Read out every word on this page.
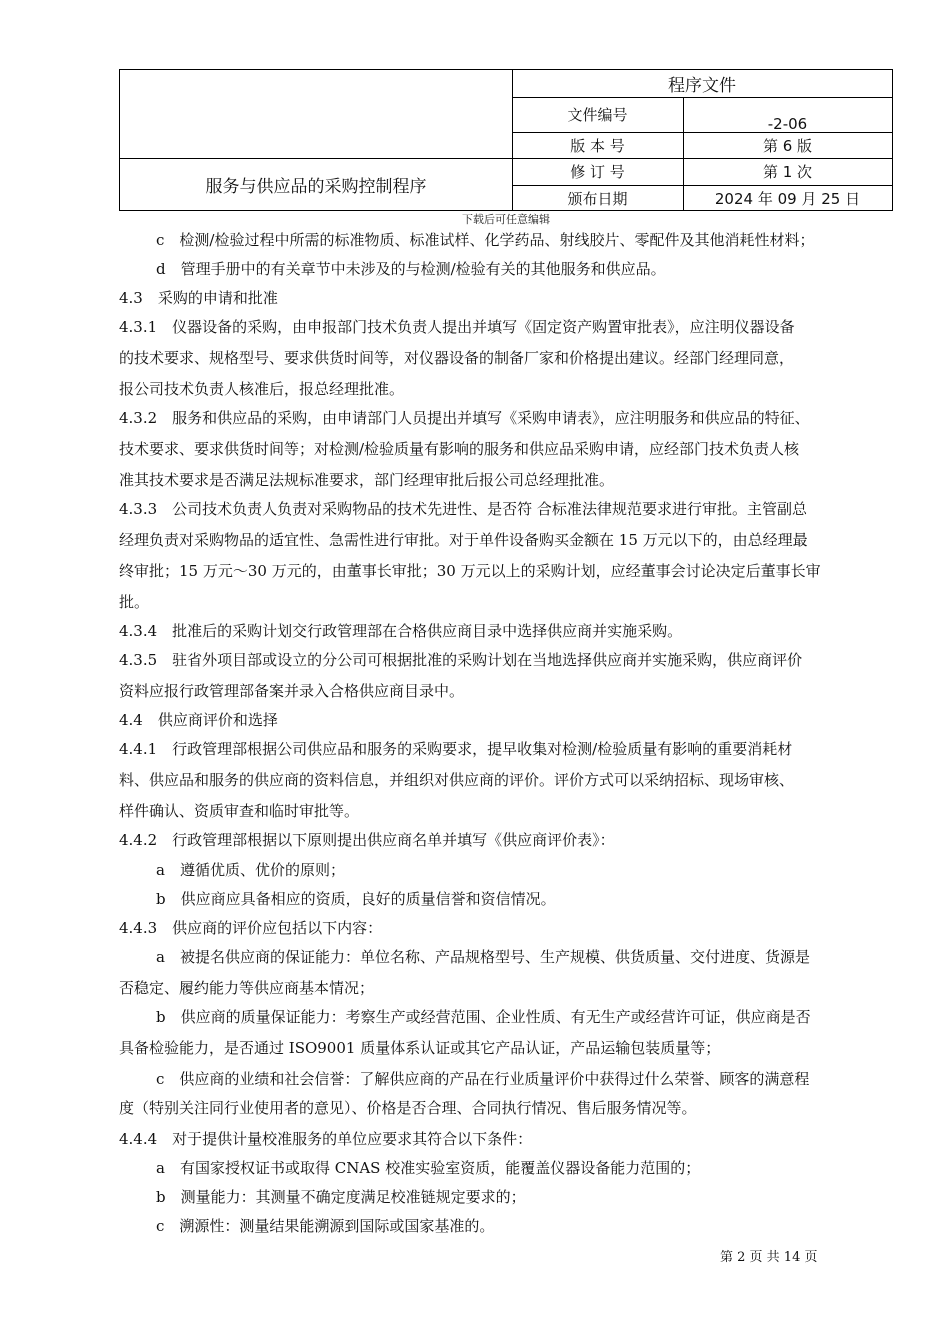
程序文件
服务与供应品的采购控制程序
文件编号	-2-06
版 本 号	第 6 版
修 订 号	第 1 次
颁布日期	2024 年 09 月 25 日
下载后可任意编辑
c　检测/检验过程中所需的标准物质、标准试样、化学药品、射线胶片、零配件及其他消耗性材料；
d　管理手册中的有关章节中未涉及的与检测/检验有关的其他服务和供应品。
4.3　采购的申请和批准
4.3.1　仪器设备的采购，由申报部门技术负责人提出并填写《固定资产购置审批表》，应注明仪器设备
的技术要求、规格型号、要求供货时间等，对仪器设备的制备厂家和价格提出建议。经部门经理同意，
报公司技术负责人核准后，报总经理批准。
4.3.2　服务和供应品的采购，由申请部门人员提出并填写《采购申请表》，应注明服务和供应品的特征、
技术要求、要求供货时间等；对检测/检验质量有影响的服务和供应品采购申请，应经部门技术负责人核
准其技术要求是否满足法规标准要求，部门经理审批后报公司总经理批准。
4.3.3　公司技术负责人负责对采购物品的技术先进性、是否符 合标准法律规范要求进行审批。主管副总
经理负责对采购物品的适宜性、急需性进行审批。对于单件设备购买金额在 15 万元以下的，由总经理最
终审批；15 万元～30 万元的，由董事长审批；30 万元以上的采购计划，应经董事会讨论决定后董事长审
批。
4.3.4　批准后的采购计划交行政管理部在合格供应商目录中选择供应商并实施采购。
4.3.5　驻省外项目部或设立的分公司可根据批准的采购计划在当地选择供应商并实施采购，供应商评价
资料应报行政管理部备案并录入合格供应商目录中。
4.4　供应商评价和选择
4.4.1　行政管理部根据公司供应品和服务的采购要求，提早收集对检测/检验质量有影响的重要消耗材
料、供应品和服务的供应商的资料信息，并组织对供应商的评价。评价方式可以采纳招标、现场审核、
样件确认、资质审查和临时审批等。
4.4.2　行政管理部根据以下原则提出供应商名单并填写《供应商评价表》：
a　遵循优质、优价的原则；
b　供应商应具备相应的资质，良好的质量信誉和资信情况。
4.4.3　供应商的评价应包括以下内容：
a　被提名供应商的保证能力：单位名称、产品规格型号、生产规模、供货质量、交付进度、货源是
否稳定、履约能力等供应商基本情况；
b　供应商的质量保证能力：考察生产或经营范围、企业性质、有无生产或经营许可证，供应商是否
具备检验能力，是否通过 ISO9001 质量体系认证或其它产品认证，产品运输包装质量等；
c　供应商的业绩和社会信誉：了解供应商的产品在行业质量评价中获得过什么荣誉、顾客的满意程
度（特别关注同行业使用者的意见）、价格是否合理、合同执行情况、售后服务情况等。
4.4.4　对于提供计量校准服务的单位应要求其符合以下条件：
a　有国家授权证书或取得 CNAS 校准实验室资质，能覆盖仪器设备能力范围的；
b　测量能力：其测量不确定度满足校准链规定要求的；
c　溯源性：测量结果能溯源到国际或国家基准的。
第 2 页 共 14 页
